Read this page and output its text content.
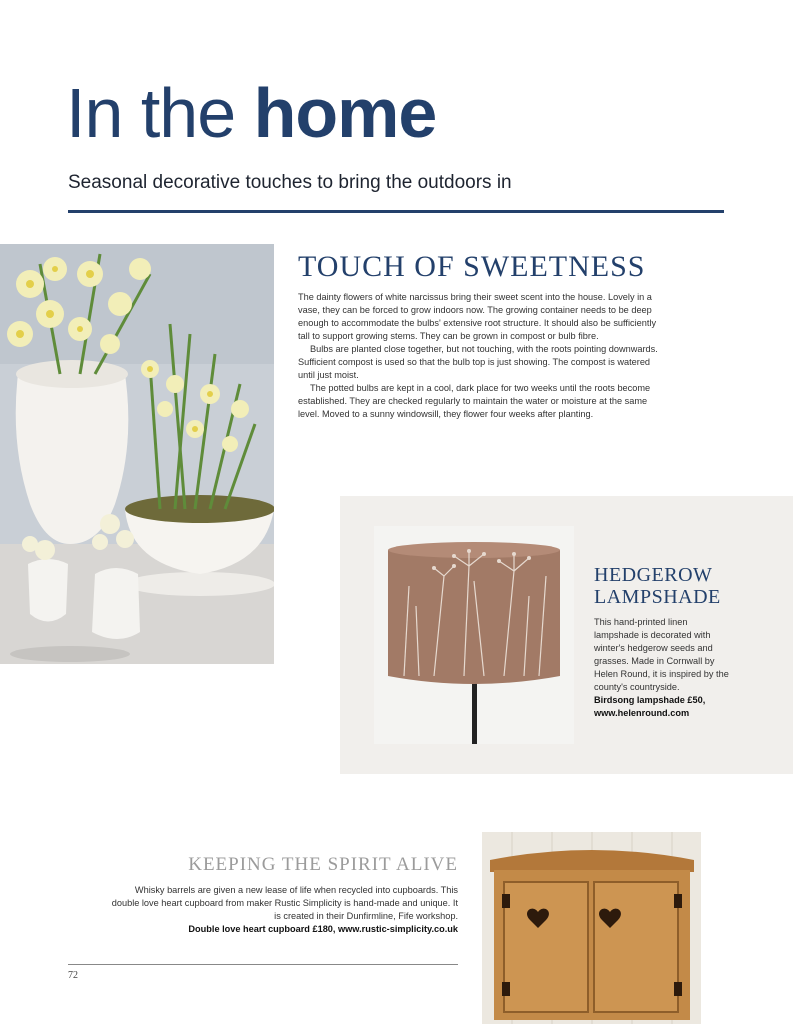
In the home
Seasonal decorative touches to bring the outdoors in
TOUCH OF SWEETNESS

The dainty flowers of white narcissus bring their sweet scent into the house. Lovely in a vase, they can be forced to grow indoors now. The growing container needs to be deep enough to accommodate the bulbs' extensive root structure. It should also be sufficiently tall to support growing stems. They can be grown in compost or bulb fibre.

Bulbs are planted close together, but not touching, with the roots pointing downwards. Sufficient compost is used so that the bulb top is just showing. The compost is watered until just moist.

The potted bulbs are kept in a cool, dark place for two weeks until the roots become established. They are checked regularly to maintain the water or moisture at the same level. Moved to a sunny windowsill, they flower four weeks after planting.

HEDGEROW
LAMPSHADE

This hand-printed linen lampshade is decorated with winter's hedgerow seeds and grasses. Made in Cornwall by Helen Round, it is inspired by the county's countryside.

Birdsong lampshade £50,

www.helenround.com

KEEPING THE SPIRIT ALIVE

Whisky barrels are given a new lease of life when recycled into cupboards. This double love heart cupboard from maker Rustic Simplicity is hand-made and unique. It is created in their Dunfirmline, Fife workshop.

Double love heart cupboard £180, www.rustic-simplicity.co.uk

72
